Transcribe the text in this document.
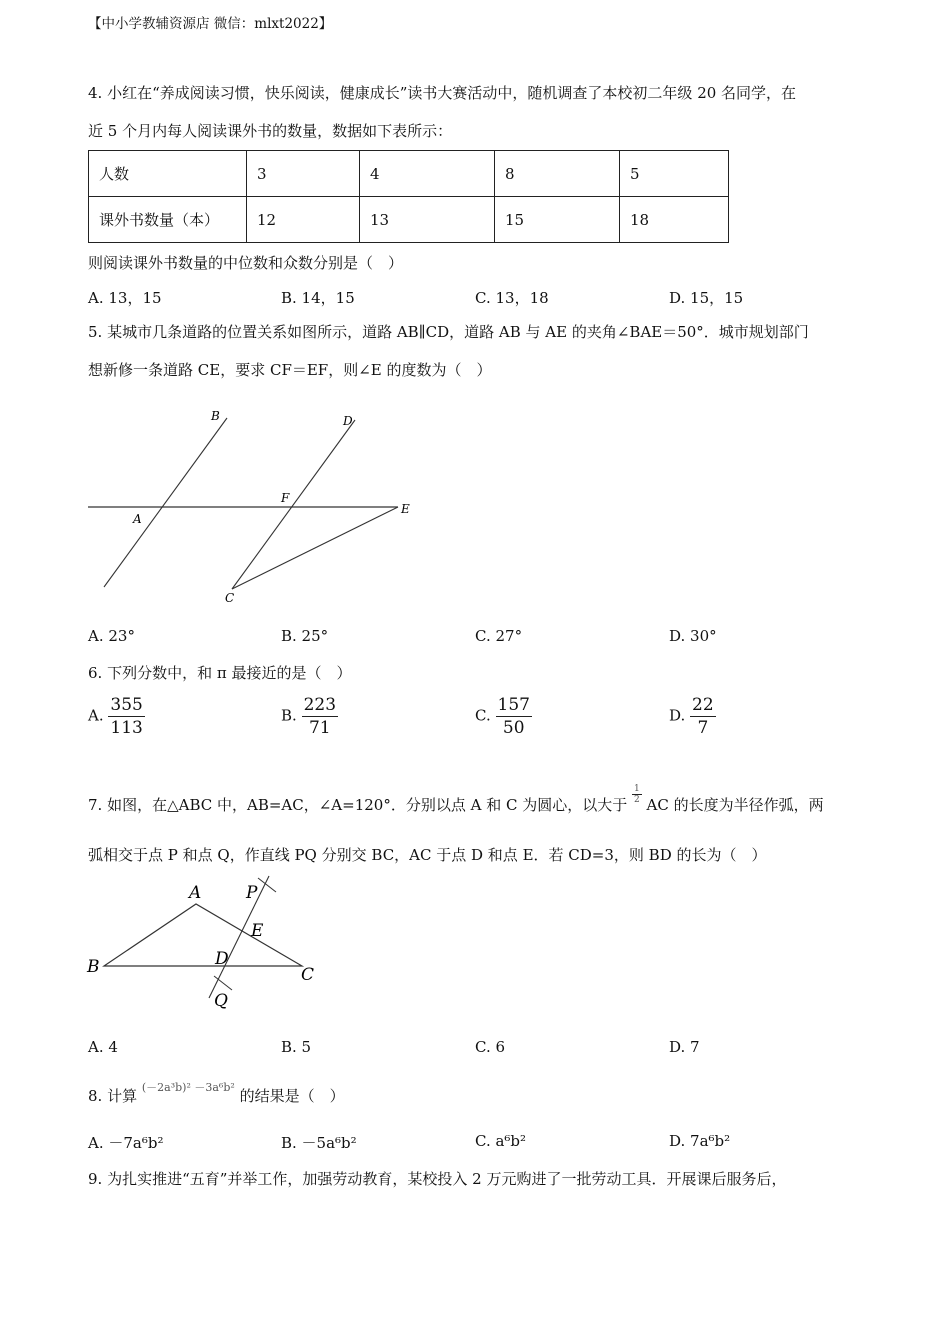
【中小学教辅资源店 微信：mlxt2022】
4. 小红在“养成阅读习惯，快乐阅读，健康成长”读书大赛活动中，随机调查了本校初二年级 20 名同学，在
近 5 个月内每人阅读课外书的数量，数据如下表所示：
人数	3	4	8	5
课外书数量（本）	12	13	15	18
则阅读课外书数量的中位数和众数分别是（　）
A. 13，15	B. 14，15	C. 13，18	D. 15，15
5. 某城市几条道路的位置关系如图所示，道路 AB∥CD，道路 AB 与 AE 的夹角∠BAE＝50°．城市规划部门
想新修一条道路 CE，要求 CF＝EF，则∠E 的度数为（　）
B	D
F
A
E
C
A. 23°	B. 25°	C. 27°	D. 30°
6. 下列分数中，和 π 最接近的是（　）
A. $\frac{355}{113}$	B. $\frac{223}{71}$	C. $\frac{157}{50}$	D. $\frac{22}{7}$
7. 如图，在△ABC 中，AB=AC，∠A=120°．分别以点 A 和 C 为圆心，以大于
$\frac{1}{2}$
AC 的长度为半径作弧，两
弧相交于点 P 和点 Q，作直线 PQ 分别交 BC，AC 于点 D 和点 E．若 CD=3，则 BD 的长为（　）
A	P
E
B	D
C
Q
A. 4	B. 5	C. 6	D. 7
8. 计算 $^{(-2a^3b)^2 -3a^6b^2}$ 的结果是（　）
A. －7a⁶b²	B. －5a⁶b²	C. a⁶b²	D. 7a⁶b²
9. 为扎实推进“五育”并举工作，加强劳动教育，某校投入 2 万元购进了一批劳动工具．开展课后服务后，
